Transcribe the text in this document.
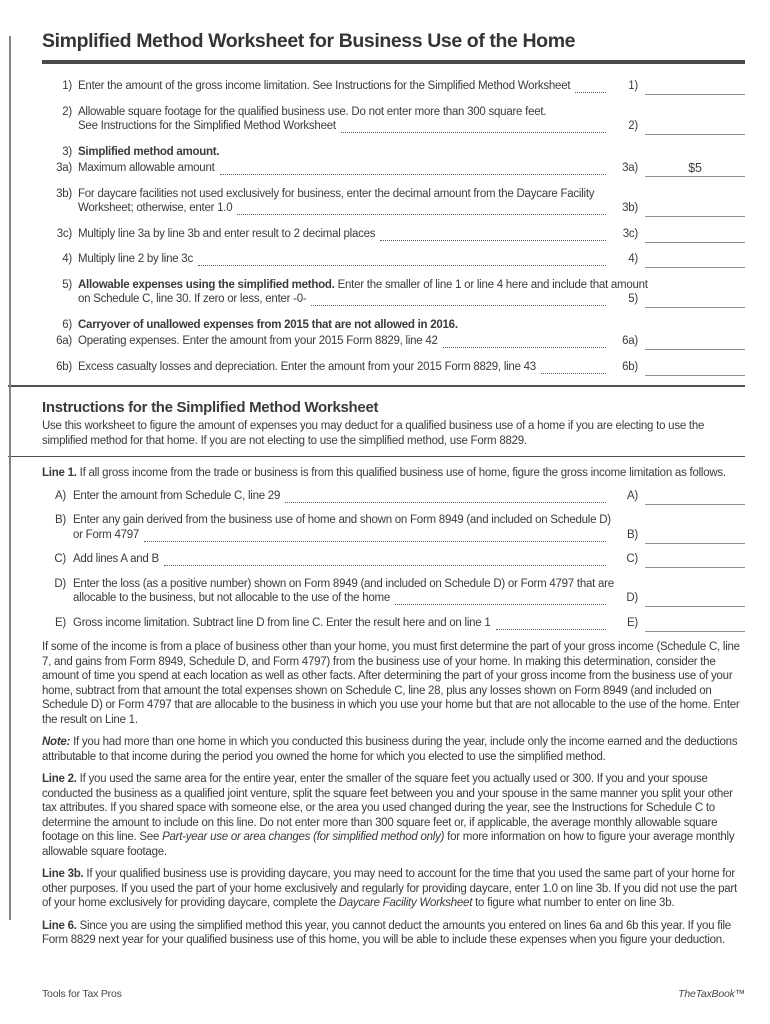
Simplified Method Worksheet for Business Use of the Home
1) Enter the amount of the gross income limitation. See Instructions for the Simplified Method Worksheet	1)
2) Allowable square footage for the qualified business use. Do not enter more than 300 square feet.
See Instructions for the Simplified Method Worksheet	2)
3) Simplified method amount.
3a) Maximum allowable amount	3a)	$5
3b) For daycare facilities not used exclusively for business, enter the decimal amount from the Daycare Facility
Worksheet; otherwise, enter 1.0	3b)
3c) Multiply line 3a by line 3b and enter result to 2 decimal places	3c)
4) Multiply line 2 by line 3c	4)
5) Allowable expenses using the simplified method. Enter the smaller of line 1 or line 4 here and include that amount
on Schedule C, line 30. If zero or less, enter -0-	5)
6) Carryover of unallowed expenses from 2015 that are not allowed in 2016.
6a) Operating expenses. Enter the amount from your 2015 Form 8829, line 42	6a)
6b) Excess casualty losses and depreciation. Enter the amount from your 2015 Form 8829, line 43	6b)
Instructions for the Simplified Method Worksheet

Use this worksheet to figure the amount of expenses you may deduct for a qualified business use of a home if you are electing to use the simplified method for that home. If you are not electing to use the simplified method, use Form 8829.

Line 1. If all gross income from the trade or business is from this qualified business use of home, figure the gross income limitation as follows.

A) Enter the amount from Schedule C, line 29	A)
B) Enter any gain derived from the business use of home and shown on Form 8949 (and included on Schedule D)
or Form 4797	B)
C) Add lines A and B	C)
D) Enter the loss (as a positive number) shown on Form 8949 (and included on Schedule D) or Form 4797 that are
allocable to the business, but not allocable to the use of the home	D)
E) Gross income limitation. Subtract line D from line C. Enter the result here and on line 1	E)

If some of the income is from a place of business other than your home, you must first determine the part of your gross income (Schedule C, line 7, and gains from Form 8949, Schedule D, and Form 4797) from the business use of your home. In making this determination, consider the amount of time you spend at each location as well as other facts. After determining the part of your gross income from the business use of your home, subtract from that amount the total expenses shown on Schedule C, line 28, plus any losses shown on Form 8949 (and included on Schedule D) or Form 4797 that are allocable to the business in which you use your home but that are not allocable to the use of the home. Enter the result on Line 1.

Note: If you had more than one home in which you conducted this business during the year, include only the income earned and the deductions attributable to that income during the period you owned the home for which you elected to use the simplified method.

Line 2. If you used the same area for the entire year, enter the smaller of the square feet you actually used or 300. If you and your spouse conducted the business as a qualified joint venture, split the square feet between you and your spouse in the same manner you split your other tax attributes. If you shared space with someone else, or the area you used changed during the year, see the Instructions for Schedule C to determine the amount to include on this line. Do not enter more than 300 square feet or, if applicable, the average monthly allowable square footage on this line. See Part-year use or area changes (for simplified method only) for more information on how to figure your average monthly allowable square footage.

Line 3b. If your qualified business use is providing daycare, you may need to account for the time that you used the same part of your home for other purposes. If you used the part of your home exclusively and regularly for providing daycare, enter 1.0 on line 3b. If you did not use the part of your home exclusively for providing daycare, complete the Daycare Facility Worksheet to figure what number to enter on line 3b.

Line 6. Since you are using the simplified method this year, you cannot deduct the amounts you entered on lines 6a and 6b this year. If you file Form 8829 next year for your qualified business use of this home, you will be able to include these expenses when you figure your deduction.

Tools for Tax Pros	TheTaxBook™
